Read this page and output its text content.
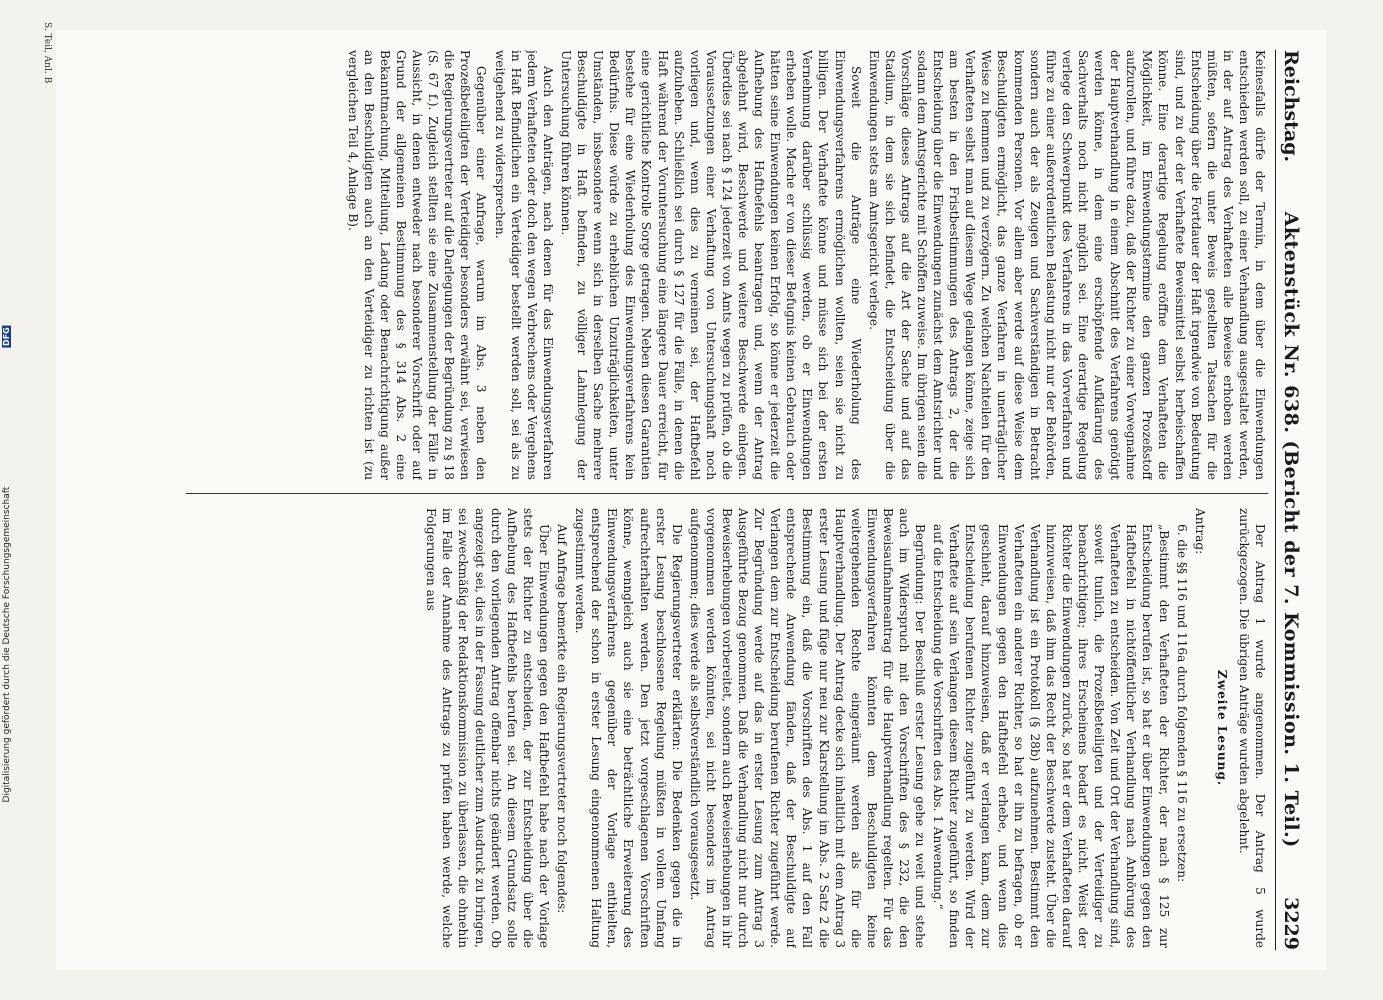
Reichstag.
Aktenstück Nr. 638. (Bericht der 7. Kommission. 1. Teil.)
3229

Keinesfalls dürfe der Termin, in dem über die Einwendungen entschieden werden soll, zu einer Verhandlung ausgestaltet werden, in der auf Antrag des Verhafteten alle Beweise erhoben werden müßten, sofern die unter Beweis gestellten Tatsachen für die Entscheidung über die Fortdauer der Haft irgendwie von Bedeutung sind, und zu der der Verhaftete Beweismittel selbst herbeischaffen könne. Eine derartige Regelung eröffne dem Verhafteten die Möglichkeit, im Einwendungstermine den ganzen Prozeßstoff aufzurollen, und führe dazu, daß der Richter zu einer Vorwegnahme der Hauptverhandlung in einem Abschnitt des Verfahrens genötigt werden könne, in dem eine erschöpfende Aufklärung des Sachverhalts noch nicht möglich sei. Eine derartige Regelung verlege den Schwerpunkt des Verfahrens in das Vorverfahren und führe zu einer außerordentlichen Belastung nicht nur der Behörden, sondern auch der als Zeugen und Sachverständigen in Betracht kommenden Personen. Vor allem aber werde auf diese Weise dem Beschuldigten ermöglicht, das ganze Verfahren in unerträglicher Weise zu hemmen und zu verzögern. Zu welchen Nachteilen für den Verhafteten selbst man auf diesem Wege gelangen könne, zeige sich am besten in den Fristbestimmungen des Antrags 2, der die Entscheidung über die Einwendungen zunächst dem Amtsrichter und sodann dem Amtsgerichte mit Schöffen zuweise. Im übrigen seien die Vorschläge dieses Antrags auf die Art der Sache und auf das Stadium, in dem sie sich befindet, die Entscheidung über die Einwendungen stets am Amtsgericht verlege.

Soweit die Anträge eine Wiederholung des Einwendungsverfahrens ermöglichen wollten, seien sie nicht zu billigen. Der Verhaftete könne und müsse sich bei der ersten Vernehmung darüber schlüssig werden, ob er Einwendungen erheben wolle. Mache er von dieser Befugnis keinen Gebrauch oder hätten seine Einwendungen keinen Erfolg, so könne er jederzeit die Aufhebung des Haftbefehls beantragen und, wenn der Antrag abgelehnt wird, Beschwerde und weitere Beschwerde einlegen. Überdies sei nach § 124 jederzeit von Amts wegen zu prüfen, ob die Voraussetzungen einer Verhaftung von Untersuchungshaft noch vorliegen und, wenn dies zu verneinen sei, der Haftbefehl aufzuheben. Schließlich sei durch § 127 für die Fälle, in denen die Haft während der Voruntersuchung eine längere Dauer erreicht, für eine gerichtliche Kontrolle Sorge getragen. Neben diesen Garantien bestehe für eine Wiederholung des Einwendungsverfahrens kein Bedürfnis. Diese würde zu erheblichen Unzuträglichkeiten, unter Umständen, insbesondere wenn sich in derselben Sache mehrere Beschuldigte in Haft befinden, zu völliger Lahmlegung der Untersuchung führen können.

Auch den Anträgen, nach denen für das Einwendungsverfahren jedem Verhafteten oder doch den wegen Verbrechens oder Vergehens in Haft Befindlichen ein Verteidiger bestellt werden soll, sei als zu weitgehend zu widersprechen.

Gegenüber einer Anfrage, warum im Abs. 3 neben den Prozeßbeteiligten der Verteidiger besonders erwähnt sei, verwiesen die Regierungsvertreter auf die Darlegungen der Begründung zu § 18 (S. 67 f.). Zugleich stellten sie eine Zusammenstellung der Fälle in Aussicht, in denen entweder nach besonderer Vorschrift oder auf Grund der allgemeinen Bestimmung des § 314 Abs. 2 eine Bekanntmachung, Mitteilung, Ladung oder Benachrichtigung außer an den Beschuldigten auch an den Verteidiger zu richten ist (zu vergleichen Teil 4, Anlage B).

Der Antrag 1 wurde angenommen. Der Antrag 5 wurde zurückgezogen. Die übrigen Anträge wurden abgelehnt.

Zweite Lesung.

Antrag:

6. die §§ 116 und 116a durch folgenden § 116 zu ersetzen:

„Bestimmt den Verhafteten der Richter, der nach § 125 zur Entscheidung berufen ist, so hat er über Einwendungen gegen den Haftbefehl in nichtöffentlicher Verhandlung nach Anhörung des Verhafteten zu entscheiden. Von Zeit und Ort der Verhandlung sind, soweit tunlich, die Prozeßbeteiligten und der Verteidiger zu benachrichtigen; ihres Erscheinens bedarf es nicht. Weist der Richter die Einwendungen zurück, so hat er dem Verhafteten darauf hinzuweisen, daß ihm das Recht der Beschwerde zusteht. Über die Verhandlung ist ein Protokoll (§ 28b) aufzunehmen. Bestimmt den Verhafteten ein anderer Richter, so hat er ihn zu befragen, ob er Einwendungen gegen den Haftbefehl erhebe, und wenn dies geschieht, darauf hinzuweisen, daß er verlangen kann, dem zur Entscheidung berufenen Richter zugeführt zu werden. Wird der Verhaftete auf sein Verlangen diesem Richter zugeführt, so finden auf die Entscheidung die Vorschriften des Abs. 1 Anwendung.“

Begründung: Der Beschluß erster Lesung gehe zu weit und stehe auch im Widerspruch mit den Vorschriften des § 232, die den Beweisaufnahmeantrag für die Hauptverhandlung regelten. Für das Einwendungsverfahren könnten dem Beschuldigten keine weitergehenden Rechte eingeräumt werden als für die Hauptverhandlung. Der Antrag decke sich inhaltlich mit dem Antrag 3 erster Lesung und füge nur neu zur Klarstellung im Abs. 2 Satz 2 die Bestimmung ein, daß die Vorschriften des Abs. 1 auf den Fall entsprechende Anwendung fänden, daß der Beschuldigte auf Verlangen dem zur Entscheidung berufenen Richter zugeführt werde. Zur Begründung werde auf das in erster Lesung zum Antrag 3 Ausgeführte Bezug genommen. Daß die Verhandlung nicht nur durch Beweiserhebungen vorbereitet, sondern auch Beweiserhebungen in ihr vorgenommen werden könnten, sei nicht besonders im Antrag aufgenommen; dies werde als selbstverständlich vorausgesetzt.

Die Regierungsvertreter erklärten: Die Bedenken gegen die in erster Lesung beschlossene Regelung müßten in vollem Umfang aufrechterhalten werden. Den jetzt vorgeschlagenen Vorschriften könne, wenngleich auch sie eine beträchtliche Erweiterung des Einwendungsverfahrens gegenüber der Vorlage enthielten, entsprechend der schon in erster Lesung eingenommenen Haltung zugestimmt werden.

Auf Anfrage bemerkte ein Regierungsvertreter noch folgendes:

Über Einwendungen gegen den Haftbefehl habe nach der Vorlage stets der Richter zu entscheiden, der zur Entscheidung über die Aufhebung des Haftbefehls berufen sei. An diesem Grundsatz solle durch den vorliegenden Antrag offenbar nichts geändert werden. Ob angezeigt sei, dies in der Fassung deutlicher zum Ausdruck zu bringen, sei zweckmäßig der Redaktionskommission zu überlassen, die ohnehin im Falle der Annahme des Antrags zu prüfen haben werde, welche Folgerungen aus

S. Teil, Anl. B
Digitalisierung gefördert durch die Deutsche Forschungsgemeinschaft DFG
